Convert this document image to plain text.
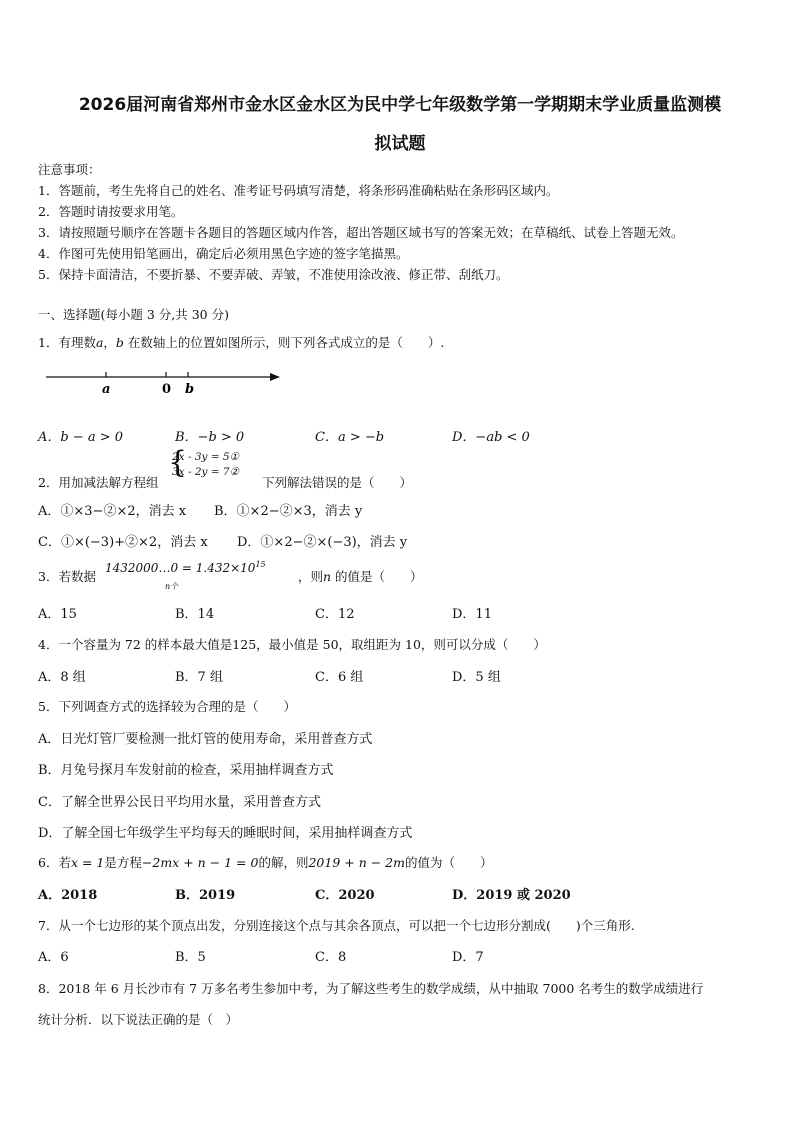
2026届河南省郑州市金水区金水区为民中学七年级数学第一学期期末学业质量监测模
拟试题
注意事项：
1．答题前，考生先将自己的姓名、准考证号码填写清楚，将条形码准确粘贴在条形码区域内。
2．答题时请按要求用笔。
3．请按照题号顺序在答题卡各题目的答题区域内作答，超出答题区域书写的答案无效；在草稿纸、试卷上答题无效。
4．作图可先使用铅笔画出，确定后必须用黑色字迹的签字笔描黑。
5．保持卡面清洁，不要折暴、不要弄破、弄皱，不准使用涂改液、修正带、刮纸刀。
一、选择题(每小题 3 分,共 30 分)
1．有理数a，b 在数轴上的位置如图所示，则下列各式成立的是（　　）.
a	0 b
A．b − a > 0	B．−b > 0	C．a > −b	D．−ab < 0
2．用加减法解方程组
{
2x - 3y = 5①
3x - 2y = 7②
下列解法错误的是（　　）
A．①×3−②×2，消去 x B．①×2−②×3，消去 y
C．①×(−3)+②×2，消去 x D．①×2−②×(−3)，消去 y
3．若数据
1432000…0 = $1.432\times 10^{15}$
n个
，则n 的值是（　　）
A．15	B．14	C．12	D．11
4．一个容量为 72 的样本最大值是125，最小值是 50，取组距为 10，则可以分成（　　）
A．8 组	B．7 组	C．6 组	D．5 组
5．下列调查方式的选择较为合理的是（　　）
A．日光灯管厂要检测一批灯管的使用寿命，采用普查方式
B．月兔号探月车发射前的检查，采用抽样调查方式
C．了解全世界公民日平均用水量，采用普查方式
D．了解全国七年级学生平均每天的睡眠时间，采用抽样调查方式
6．若x = 1是方程−2mx + n − 1 = 0的解，则2019 + n − 2m的值为（　　）
A．2018	B．2019	C．2020	D．2019 或 2020
7．从一个七边形的某个顶点出发，分别连接这个点与其余各顶点，可以把一个七边形分割成(　　)个三角形.
A．6	B．5	C．8	D．7
8．2018 年 6 月长沙市有 7 万多名考生参加中考，为了解这些考生的数学成绩，从中抽取 7000 名考生的数学成绩进行
统计分析．以下说法正确的是（　）
